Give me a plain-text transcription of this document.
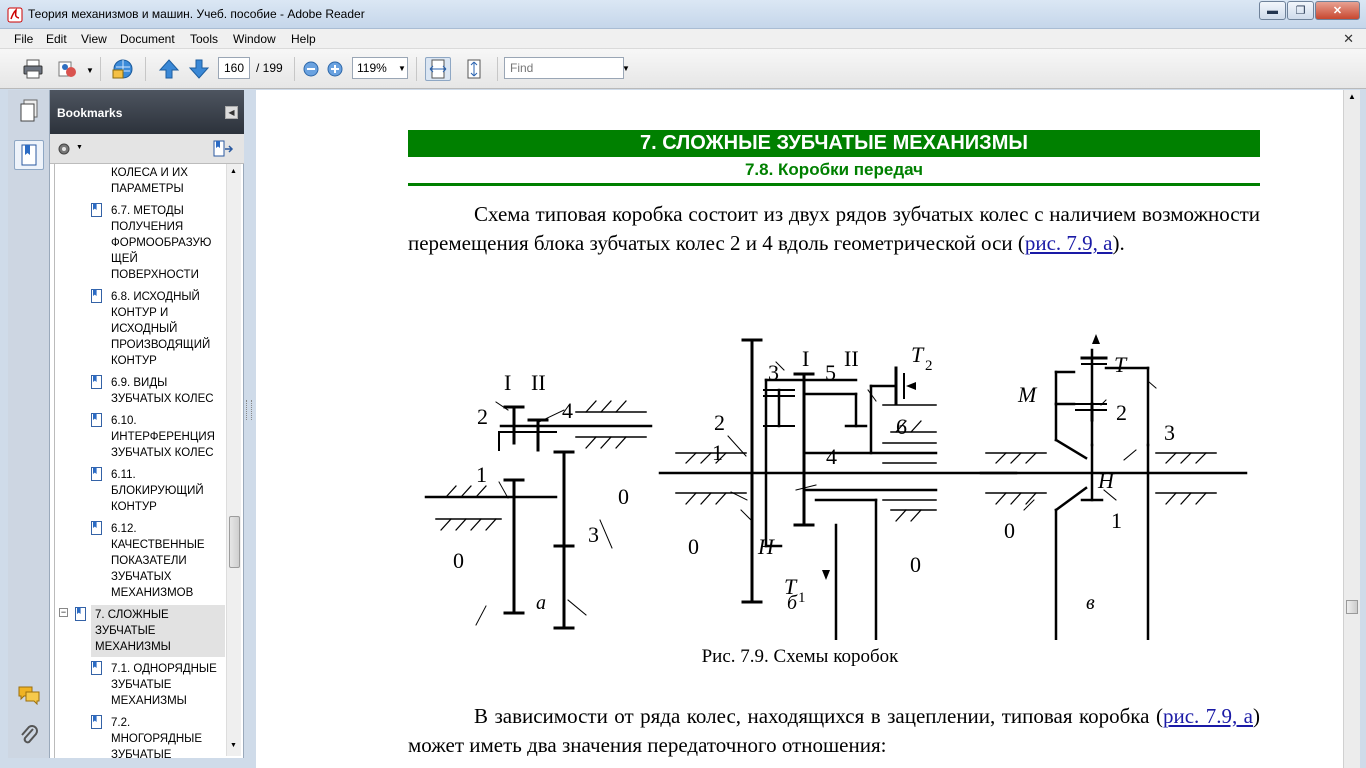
Теория механизмов и машин. Учеб. пособие - Adobe Reader	▬	❐	✕
File Edit View Document Tools Window Help	✕
▼	160 / 199	119%	▼	Find	▼
Bookmarks	◀
▼
КОЛЕСА И ИХ
ПАРАМЕТРЫ
6.7. МЕТОДЫ
ПОЛУЧЕНИЯ
ФОРМООБРАЗУЮ
ЩЕЙ
ПОВЕРХНОСТИ
6.8. ИСХОДНЫЙ
КОНТУР И
ИСХОДНЫЙ
ПРОИЗВОДЯЩИЙ
КОНТУР
6.9. ВИДЫ
ЗУБЧАТЫХ КОЛЕС
6.10.
ИНТЕРФЕРЕНЦИЯ
ЗУБЧАТЫХ КОЛЕС
6.11.
БЛОКИРУЮЩИЙ
КОНТУР
6.12.
КАЧЕСТВЕННЫЕ
ПОКАЗАТЕЛИ
ЗУБЧАТЫХ
МЕХАНИЗМОВ
−	7. СЛОЖНЫЕ
ЗУБЧАТЫЕ
МЕХАНИЗМЫ
7.1. ОДНОРЯДНЫЕ
ЗУБЧАТЫЕ
МЕХАНИЗМЫ
7.2.
МНОГОРЯДНЫЕ
ЗУБЧАТЫЕ
▲
▼
7. СЛОЖНЫЕ ЗУБЧАТЫЕ МЕХАНИЗМЫ
7.8. Коробки передач
Схема типовая коробка состоит из двух рядов зубчатых колес с наличием возможности перемещения блока зубчатых колес 2 и 4 вдоль геометрической оси (рис. 7.9, а).
I II
2	4
1
0
3
0
3
I
5
II T 2
2	6
1	4
0	H
0
T 1
T
M
2
3
H
0	1
а	б	в
Рис. 7.9. Схемы коробок
В зависимости от ряда колес, находящихся в зацеплении, типовая коробка (рис. 7.9, а) может иметь два значения передаточного отношения:
▲
